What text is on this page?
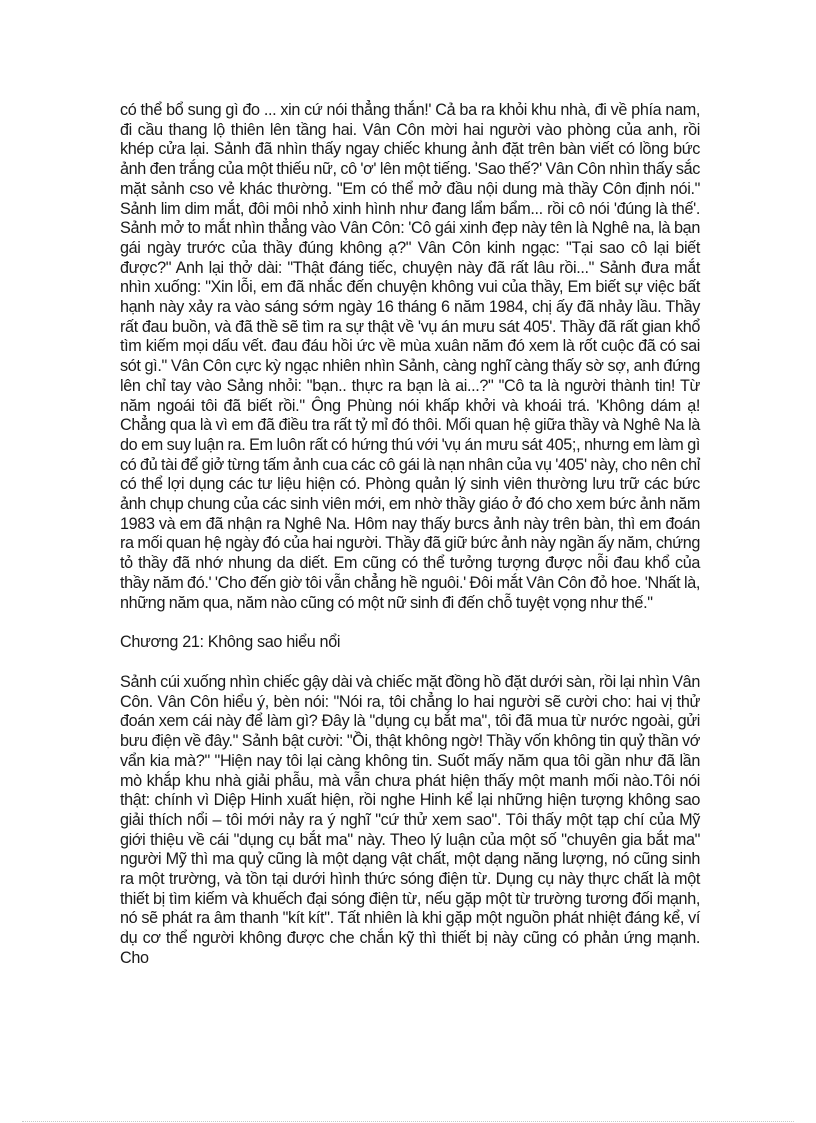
có thể bổ sung gì đo ... xin cứ nói thẳng thắn!' Cả ba ra khỏi khu nhà, đi về phía nam, đi cầu thang lộ thiên lên tầng hai. Vân Côn mời hai người vào phòng của anh, rồi khép cửa lại. Sảnh đã nhìn thấy ngay chiếc khung ảnh đặt trên bàn viết có lồng bức ảnh đen trắng của một thiếu nữ, cô 'ơ' lên một tiếng. 'Sao thế?' Vân Côn nhìn thấy sắc mặt sảnh cso vẻ khác thường. "Em có thể mở đầu nội dung mà thầy Côn định nói." Sảnh lim dim mắt, đôi môi nhỏ xinh hình như đang lẩm bẩm... rồi cô nói 'đúng là thế'. Sảnh mở to mắt nhìn thẳng vào Vân Côn: 'Cô gái xinh đẹp này tên là Nghê na, là bạn gái ngày trước của thầy đúng không ạ?" Vân Côn kinh ngạc: "Tại sao cô lại biết được?" Anh lại thở dài: "Thật đáng tiếc, chuyện này đã rất lâu rồi..." Sảnh đưa mắt nhìn xuống: "Xin lỗi, em đã nhắc đến chuyện không vui của thầy, Em biết sự việc bất hạnh này xảy ra vào sáng sớm ngày 16 tháng 6 năm 1984, chị ấy đã nhảy lầu. Thầy rất đau buồn, và đã thề sẽ tìm ra sự thật về 'vụ án mưu sát 405'. Thầy đã rất gian khổ tìm kiếm mọi dấu vết. đau đáu hồi ức về mùa xuân năm đó xem là rốt cuộc đã có sai sót gì." Vân Côn cực kỳ ngạc nhiên nhìn Sảnh, càng nghĩ càng thấy sờ sợ, anh đứng lên chỉ tay vào Sảng nhỏi: "bạn.. thực ra bạn là ai...?" "Cô ta là người thành tin! Từ năm ngoái tôi đã biết rồi." Ông Phùng nói khấp khởi và khoái trá. 'Không dám ạ! Chẳng qua là vì em đã điều tra rất tỷ mỉ đó thôi. Mối quan hệ giữa thầy và Nghê Na là do em suy luận ra. Em luôn rất có hứng thú với 'vụ án mưu sát 405;, nhưng em làm gì có đủ tài để giở từng tấm ảnh cua các cô gái là nạn nhân của vụ '405' này, cho nên chỉ có thể lợi dụng các tư liệu hiện có. Phòng quản lý sinh viên thường lưu trữ các bức ảnh chụp chung của các sinh viên mới, em nhờ thầy giáo ở đó cho xem bức ảnh năm 1983 và em đã nhận ra Nghê Na. Hôm nay thấy bưcs ảnh này trên bàn, thì em đoán ra mối quan hệ ngày đó của hai người. Thầy đã giữ bức ảnh này ngần ấy năm, chứng tỏ thầy đã nhớ nhung da diết. Em cũng có thể tưởng tượng được nỗi đau khổ của thầy năm đó.' 'Cho đến giờ tôi vẫn chẳng hề nguôi.' Đôi mắt Vân Côn đỏ hoe. 'Nhất là, những năm qua, năm nào cũng có một nữ sinh đi đến chỗ tuyệt vọng như thế."

Chương 21: Không sao hiểu nổi

Sảnh cúi xuống nhìn chiếc gậy dài và chiếc mặt đồng hồ đặt dưới sàn, rồi lại nhìn Vân Côn. Vân Côn hiểu ý, bèn nói: "Nói ra, tôi chẳng lo hai người sẽ cười cho: hai vị thử đoán xem cái này để làm gì? Đây là "dụng cụ bắt ma", tôi đã mua từ nước ngoài, gửi bưu điện về đây." Sảnh bật cười: "Ồi, thật không ngờ! Thầy vốn không tin quỷ thần vớ vẩn kia mà?" "Hiện nay tôi lại càng không tin. Suốt mấy năm qua tôi gần như đã lần mò khắp khu nhà giải phẫu, mà vẫn chưa phát hiện thấy một manh mối nào.Tôi nói thật: chính vì Diệp Hinh xuất hiện, rồi nghe Hinh kể lại những hiện tượng không sao giải thích nổi – tôi mới nảy ra ý nghĩ "cứ thử xem sao". Tôi thấy một tạp chí của Mỹ giới thiệu về cái "dụng cụ bắt ma" này. Theo lý luận của một số "chuyên gia bắt ma" người Mỹ thì ma quỷ cũng là một dạng vật chất, một dạng năng lượng, nó cũng sinh ra một trường, và tồn tại dưới hình thức sóng điện từ. Dụng cụ này thực chất là một thiết bị tìm kiếm và khuếch đại sóng điện từ, nếu gặp một từ trường tương đối mạnh, nó sẽ phát ra âm thanh "kít kít". Tất nhiên là khi gặp một nguồn phát nhiệt đáng kể, ví dụ cơ thể người không được che chắn kỹ thì thiết bị này cũng có phản ứng mạnh. Cho
